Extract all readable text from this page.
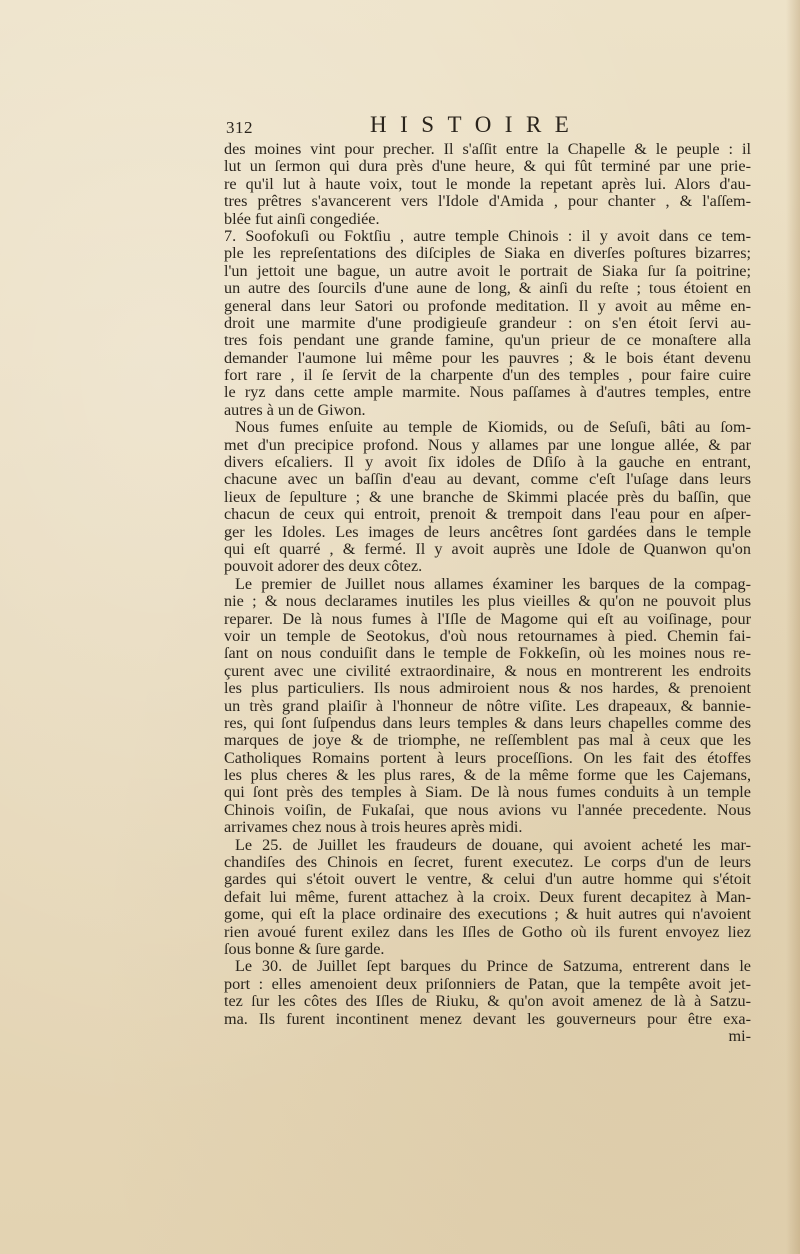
312	HISTOIRE
des moines vint pour precher. Il s'aſſit entre la Chapelle & le peuple : il
lut un ſermon qui dura près d'une heure, & qui fût terminé par une prie-
re qu'il lut à haute voix, tout le monde la repetant après lui. Alors d'au-
tres prêtres s'avancerent vers l'Idole d'Amida , pour chanter , & l'aſſem-
blée fut ainſi congediée.
7. Soofokuſi ou Foktſiu , autre temple Chinois : il y avoit dans ce tem-
ple les repreſentations des diſciples de Siaka en diverſes poſtures bizarres;
l'un jettoit une bague, un autre avoit le portrait de Siaka ſur ſa poitrine;
un autre des ſourcils d'une aune de long, & ainſi du reſte ; tous étoient en
general dans leur Satori ou profonde meditation. Il y avoit au même en-
droit une marmite d'une prodigieuſe grandeur : on s'en étoit ſervi au-
tres fois pendant une grande famine, qu'un prieur de ce monaſtere alla
demander l'aumone lui même pour les pauvres ; & le bois étant devenu
fort rare , il ſe ſervit de la charpente d'un des temples , pour faire cuire
le ryz dans cette ample marmite. Nous paſſames à d'autres temples, entre
autres à un de Giwon.
Nous fumes enſuite au temple de Kiomids, ou de Seſuſi, bâti au ſom-
met d'un precipice profond. Nous y allames par une longue allée, & par
divers eſcaliers. Il y avoit ſix idoles de Dſiſo à la gauche en entrant,
chacune avec un baſſin d'eau au devant, comme c'eſt l'uſage dans leurs
lieux de ſepulture ; & une branche de Skimmi placée près du baſſin, que
chacun de ceux qui entroit, prenoit & trempoit dans l'eau pour en aſper-
ger les Idoles. Les images de leurs ancêtres ſont gardées dans le temple
qui eſt quarré , & fermé. Il y avoit auprès une Idole de Quanwon qu'on
pouvoit adorer des deux côtez.
Le premier de Juillet nous allames éxaminer les barques de la compag-
nie ; & nous declarames inutiles les plus vieilles & qu'on ne pouvoit plus
reparer. De là nous fumes à l'Iſle de Magome qui eſt au voiſinage, pour
voir un temple de Seotokus, d'où nous retournames à pied. Chemin fai-
ſant on nous conduiſit dans le temple de Fokkeſin, où les moines nous re-
çurent avec une civilité extraordinaire, & nous en montrerent les endroits
les plus particuliers. Ils nous admiroient nous & nos hardes, & prenoient
un très grand plaiſir à l'honneur de nôtre viſite. Les drapeaux, & bannie-
res, qui ſont ſuſpendus dans leurs temples & dans leurs chapelles comme des
marques de joye & de triomphe, ne reſſemblent pas mal à ceux que les
Catholiques Romains portent à leurs proceſſions. On les fait des étoffes
les plus cheres & les plus rares, & de la même forme que les Cajemans,
qui ſont près des temples à Siam. De là nous fumes conduits à un temple
Chinois voiſin, de Fukaſai, que nous avions vu l'année precedente. Nous
arrivames chez nous à trois heures après midi.
Le 25. de Juillet les fraudeurs de douane, qui avoient acheté les mar-
chandiſes des Chinois en ſecret, furent executez. Le corps d'un de leurs
gardes qui s'étoit ouvert le ventre, & celui d'un autre homme qui s'étoit
defait lui même, furent attachez à la croix. Deux furent decapitez à Man-
gome, qui eſt la place ordinaire des executions ; & huit autres qui n'avoient
rien avoué furent exilez dans les Iſles de Gotho où ils furent envoyez liez
ſous bonne & ſure garde.
Le 30. de Juillet ſept barques du Prince de Satzuma, entrerent dans le
port : elles amenoient deux priſonniers de Patan, que la tempête avoit jet-
tez ſur les côtes des Iſles de Riuku, & qu'on avoit amenez de là à Satzu-
ma. Ils furent incontinent menez devant les gouverneurs pour être exa-
mi-
